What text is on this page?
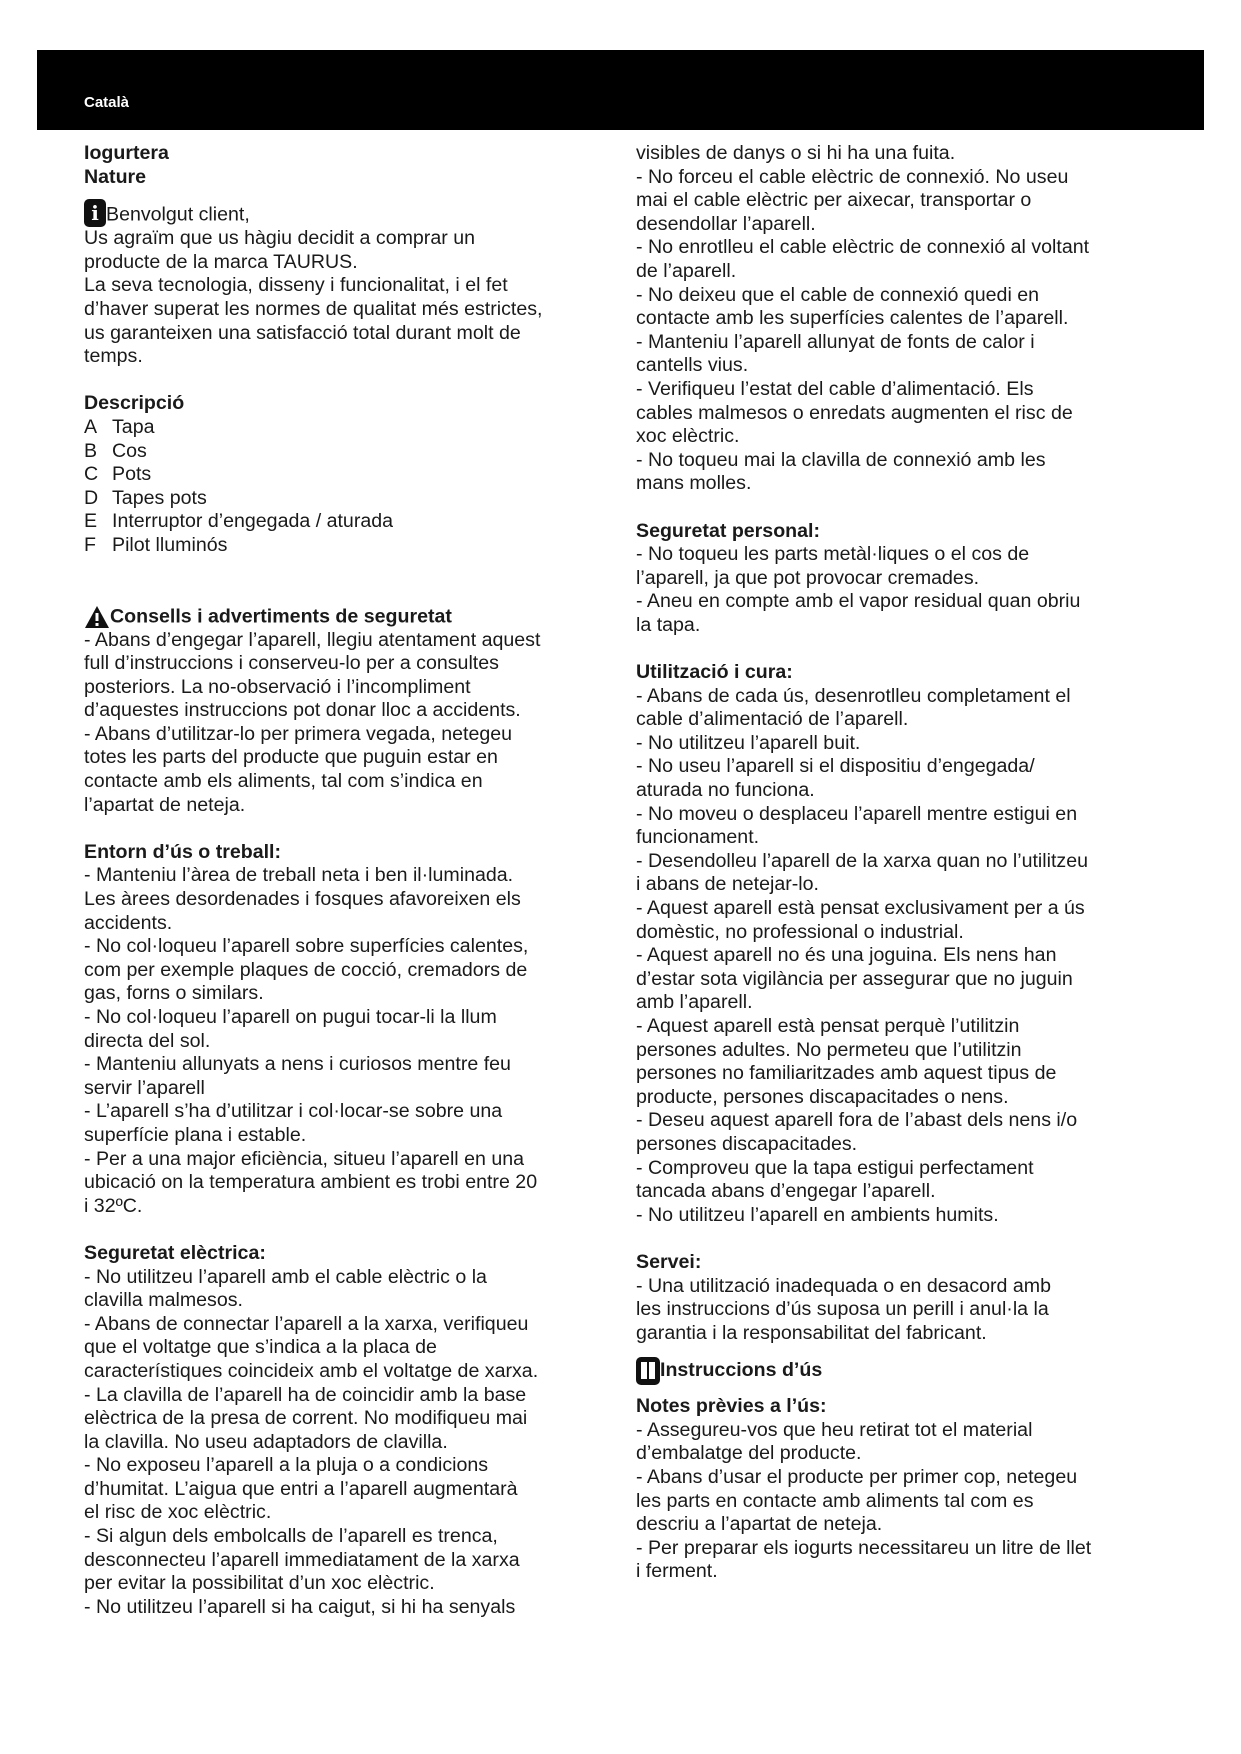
Català

Iogurtera

Nature

i Benvolgut client,

Us agraïm que us hàgiu decidit a comprar un

producte de la marca TAURUS.

La seva tecnologia, disseny i funcionalitat, i el fet

d’haver superat les normes de qualitat més estrictes,

us garanteixen una satisfacció total durant molt de

temps.

Descripció

A Tapa
B Cos
C Pots
D Tapes pots
E Interruptor d’engegada / aturada
F Pilot lluminós

Consells i advertiments de seguretat

- Abans d’engegar l’aparell, llegiu atentament aquest

full d’instruccions i conserveu-lo per a consultes

posteriors. La no-observació i l’incompliment

d’aquestes instruccions pot donar lloc a accidents.

- Abans d’utilitzar-lo per primera vegada, netegeu

totes les parts del producte que puguin estar en

contacte amb els aliments, tal com s’indica en

l’apartat de neteja.

Entorn d’ús o treball:

- Manteniu l’àrea de treball neta i ben il·luminada.

Les àrees desordenades i fosques afavoreixen els

accidents.

- No col·loqueu l’aparell sobre superfícies calentes,

com per exemple plaques de cocció, cremadors de

gas, forns o similars.

- No col·loqueu l’aparell on pugui tocar-li la llum

directa del sol.

- Manteniu allunyats a nens i curiosos mentre feu

servir l’aparell

- L’aparell s’ha d’utilitzar i col·locar-se sobre una

superfície plana i estable.

- Per a una major eficiència, situeu l’aparell en una

ubicació on la temperatura ambient es trobi entre 20

i 32ºC.

Seguretat elèctrica:

- No utilitzeu l’aparell amb el cable elèctric o la

clavilla malmesos.

- Abans de connectar l’aparell a la xarxa, verifiqueu

que el voltatge que s’indica a la placa de

característiques coincideix amb el voltatge de xarxa.

- La clavilla de l’aparell ha de coincidir amb la base

elèctrica de la presa de corrent. No modifiqueu mai

la clavilla. No useu adaptadors de clavilla.

- No exposeu l’aparell a la pluja o a condicions

d’humitat. L’aigua que entri a l’aparell augmentarà

el risc de xoc elèctric.

- Si algun dels embolcalls de l’aparell es trenca,

desconnecteu l’aparell immediatament de la xarxa

per evitar la possibilitat d’un xoc elèctric.

- No utilitzeu l’aparell si ha caigut, si hi ha senyals

visibles de danys o si hi ha una fuita.

- No forceu el cable elèctric de connexió. No useu

mai el cable elèctric per aixecar, transportar o

desendollar l’aparell.

- No enrotlleu el cable elèctric de connexió al voltant

de l’aparell.

- No deixeu que el cable de connexió quedi en

contacte amb les superfícies calentes de l’aparell.

- Manteniu l’aparell allunyat de fonts de calor i

cantells vius.

- Verifiqueu l’estat del cable d’alimentació. Els

cables malmesos o enredats augmenten el risc de

xoc elèctric.

- No toqueu mai la clavilla de connexió amb les

mans molles.

Seguretat personal:

- No toqueu les parts metàl·liques o el cos de

l’aparell, ja que pot provocar cremades.

- Aneu en compte amb el vapor residual quan obriu

la tapa.

Utilització i cura:

- Abans de cada ús, desenrotlleu completament el

cable d’alimentació de l’aparell.

- No utilitzeu l’aparell buit.

- No useu l’aparell si el dispositiu d’engegada/

aturada no funciona.

- No moveu o desplaceu l’aparell mentre estigui en

funcionament.

- Desendolleu l’aparell de la xarxa quan no l’utilitzeu

i abans de netejar-lo.

- Aquest aparell està pensat exclusivament per a ús

domèstic, no professional o industrial.

- Aquest aparell no és una joguina. Els nens han

d’estar sota vigilància per assegurar que no juguin

amb l’aparell.

- Aquest aparell està pensat perquè l’utilitzin

persones adultes. No permeteu que l’utilitzin

persones no familiaritzades amb aquest tipus de

producte, persones discapacitades o nens.

- Deseu aquest aparell fora de l’abast dels nens i/o

persones discapacitades.

- Comproveu que la tapa estigui perfectament

tancada abans d’engegar l’aparell.

- No utilitzeu l’aparell en ambients humits.

Servei:

- Una utilització inadequada o en desacord amb

les instruccions d’ús suposa un perill i anul·la la

garantia i la responsabilitat del fabricant.

Instruccions d’ús

Notes prèvies a l’ús:

- Assegureu-vos que heu retirat tot el material

d’embalatge del producte.

- Abans d’usar el producte per primer cop, netegeu

les parts en contacte amb aliments tal com es

descriu a l’apartat de neteja.

- Per preparar els iogurts necessitareu un litre de llet

i ferment.
